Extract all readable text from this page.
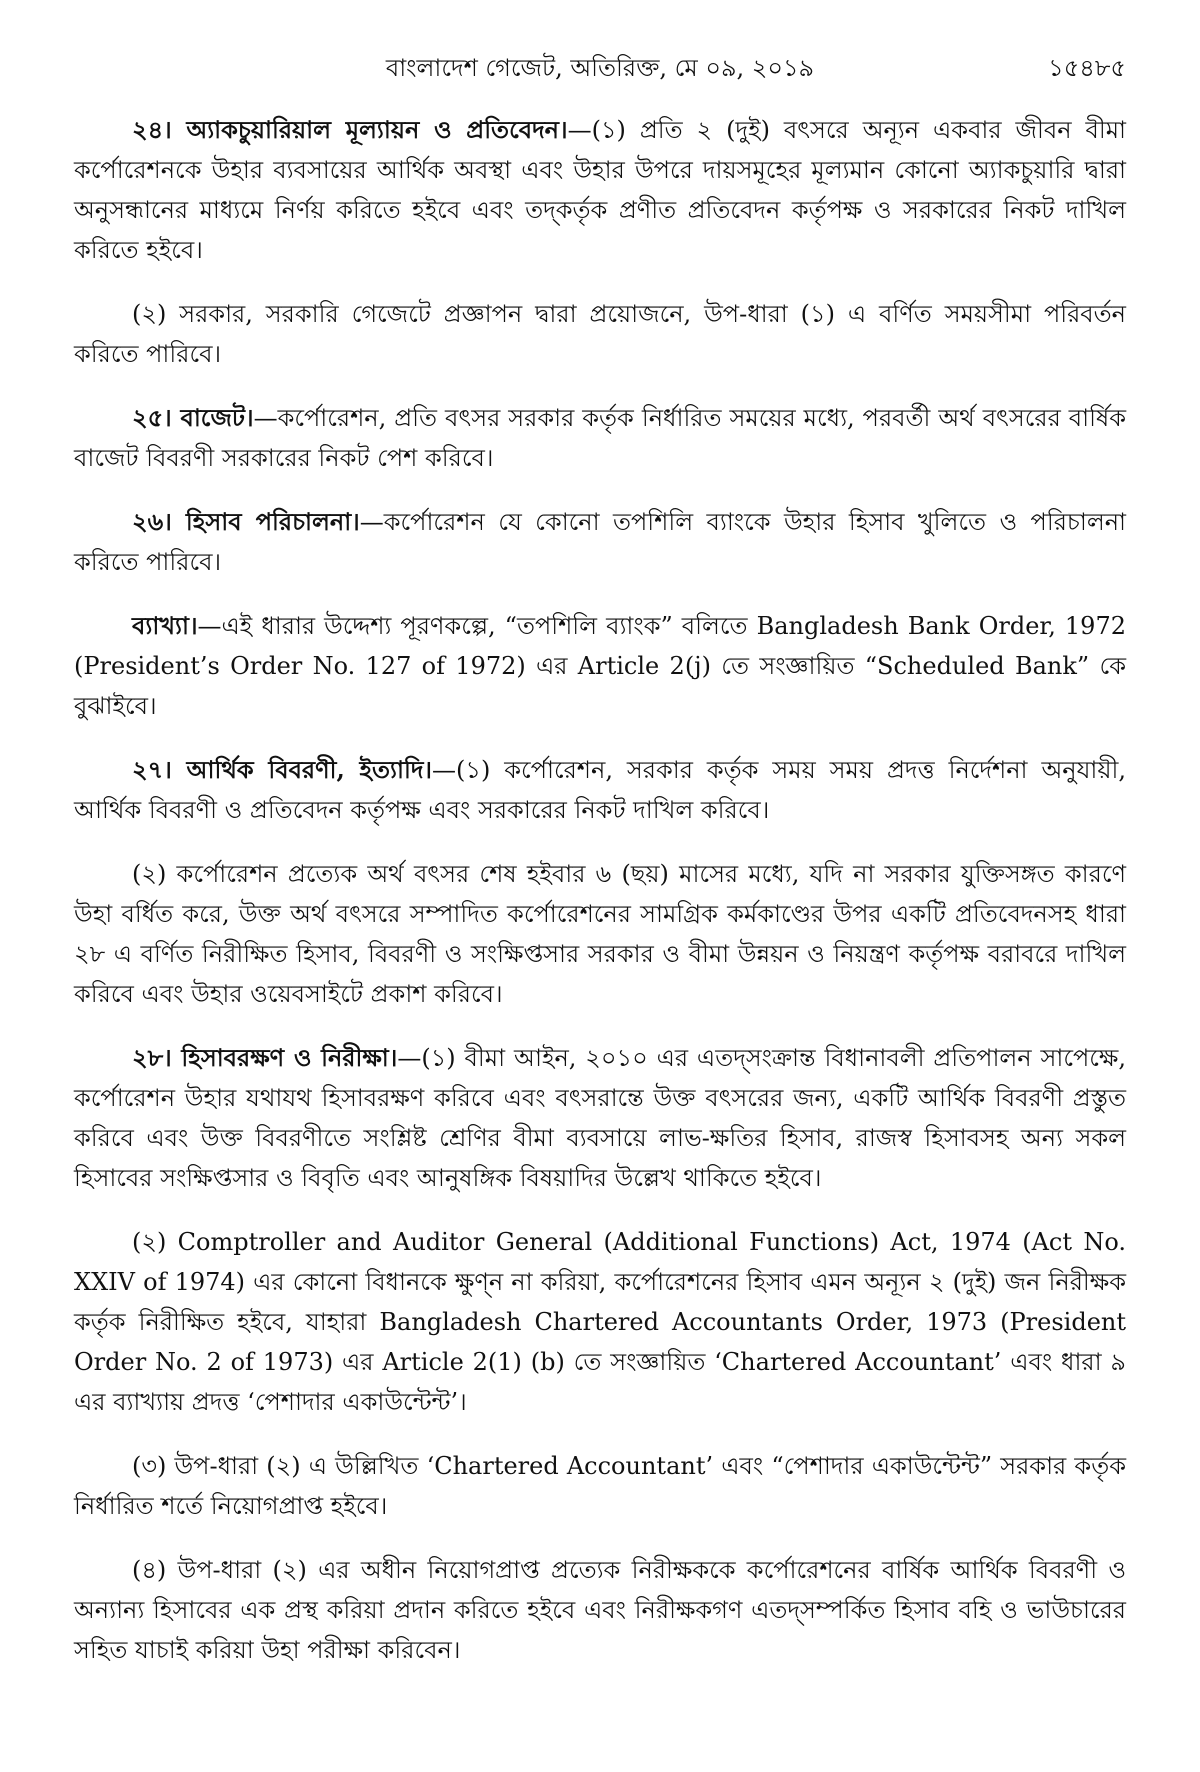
বাংলাদেশ গেজেট, অতিরিক্ত, মে ০৯, ২০১৯	১৫৪৮৫

২৪। অ্যাকচুয়ারিয়াল মূল্যায়ন ও প্রতিবেদন।—(১) প্রতি ২ (দুই) বৎসরে অন্যূন একবার জীবন বীমা কর্পোরেশনকে উহার ব্যবসায়ের আর্থিক অবস্থা এবং উহার উপরে দায়সমূহের মূল্যমান কোনো অ্যাকচুয়ারি দ্বারা অনুসন্ধানের মাধ্যমে নির্ণয় করিতে হইবে এবং তদ্‌কর্তৃক প্রণীত প্রতিবেদন কর্তৃপক্ষ ও সরকারের নিকট দাখিল করিতে হইবে।

(২) সরকার, সরকারি গেজেটে প্রজ্ঞাপন দ্বারা প্রয়োজনে, উপ-ধারা (১) এ বর্ণিত সময়সীমা পরিবর্তন করিতে পারিবে।

২৫। বাজেট।—কর্পোরেশন, প্রতি বৎসর সরকার কর্তৃক নির্ধারিত সময়ের মধ্যে, পরবর্তী অর্থ বৎসরের বার্ষিক বাজেট বিবরণী সরকারের নিকট পেশ করিবে।

২৬। হিসাব পরিচালনা।—কর্পোরেশন যে কোনো তপশিলি ব্যাংকে উহার হিসাব খুলিতে ও পরিচালনা করিতে পারিবে।

ব্যাখ্যা।—এই ধারার উদ্দেশ্য পূরণকল্পে, “তপশিলি ব্যাংক” বলিতে Bangladesh Bank Order, 1972 (President’s Order No. 127 of 1972) এর Article 2(j) তে সংজ্ঞায়িত “Scheduled Bank” কে বুঝাইবে।

২৭। আর্থিক বিবরণী, ইত্যাদি।—(১) কর্পোরেশন, সরকার কর্তৃক সময় সময় প্রদত্ত নির্দেশনা অনুযায়ী, আর্থিক বিবরণী ও প্রতিবেদন কর্তৃপক্ষ এবং সরকারের নিকট দাখিল করিবে।

(২) কর্পোরেশন প্রত্যেক অর্থ বৎসর শেষ হইবার ৬ (ছয়) মাসের মধ্যে, যদি না সরকার যুক্তিসঙ্গত কারণে উহা বর্ধিত করে, উক্ত অর্থ বৎসরে সম্পাদিত কর্পোরেশনের সামগ্রিক কর্মকাণ্ডের উপর একটি প্রতিবেদনসহ ধারা ২৮ এ বর্ণিত নিরীক্ষিত হিসাব, বিবরণী ও সংক্ষিপ্তসার সরকার ও বীমা উন্নয়ন ও নিয়ন্ত্রণ কর্তৃপক্ষ বরাবরে দাখিল করিবে এবং উহার ওয়েবসাইটে প্রকাশ করিবে।

২৮। হিসাবরক্ষণ ও নিরীক্ষা।—(১) বীমা আইন, ২০১০ এর এতদ্‌সংক্রান্ত বিধানাবলী প্রতিপালন সাপেক্ষে, কর্পোরেশন উহার যথাযথ হিসাবরক্ষণ করিবে এবং বৎসরান্তে উক্ত বৎসরের জন্য, একটি আর্থিক বিবরণী প্রস্তুত করিবে এবং উক্ত বিবরণীতে সংশ্লিষ্ট শ্রেণির বীমা ব্যবসায়ে লাভ-ক্ষতির হিসাব, রাজস্ব হিসাবসহ অন্য সকল হিসাবের সংক্ষিপ্তসার ও বিবৃতি এবং আনুষঙ্গিক বিষয়াদির উল্লেখ থাকিতে হইবে।

(২) Comptroller and Auditor General (Additional Functions) Act, 1974 (Act No. XXIV of 1974) এর কোনো বিধানকে ক্ষুণ্ন না করিয়া, কর্পোরেশনের হিসাব এমন অন্যূন ২ (দুই) জন নিরীক্ষক কর্তৃক নিরীক্ষিত হইবে, যাহারা Bangladesh Chartered Accountants Order, 1973 (President Order No. 2 of 1973) এর Article 2(1) (b) তে সংজ্ঞায়িত ‘Chartered Accountant’ এবং ধারা ৯ এর ব্যাখ্যায় প্রদত্ত ‘পেশাদার একাউন্টেন্ট’।

(৩) উপ-ধারা (২) এ উল্লিখিত ‘Chartered Accountant’ এবং “পেশাদার একাউন্টেন্ট” সরকার কর্তৃক নির্ধারিত শর্তে নিয়োগপ্রাপ্ত হইবে।

(৪) উপ-ধারা (২) এর অধীন নিয়োগপ্রাপ্ত প্রত্যেক নিরীক্ষককে কর্পোরেশনের বার্ষিক আর্থিক বিবরণী ও অন্যান্য হিসাবের এক প্রস্থ করিয়া প্রদান করিতে হইবে এবং নিরীক্ষকগণ এতদ্‌সম্পর্কিত হিসাব বহি ও ভাউচারের সহিত যাচাই করিয়া উহা পরীক্ষা করিবেন।
